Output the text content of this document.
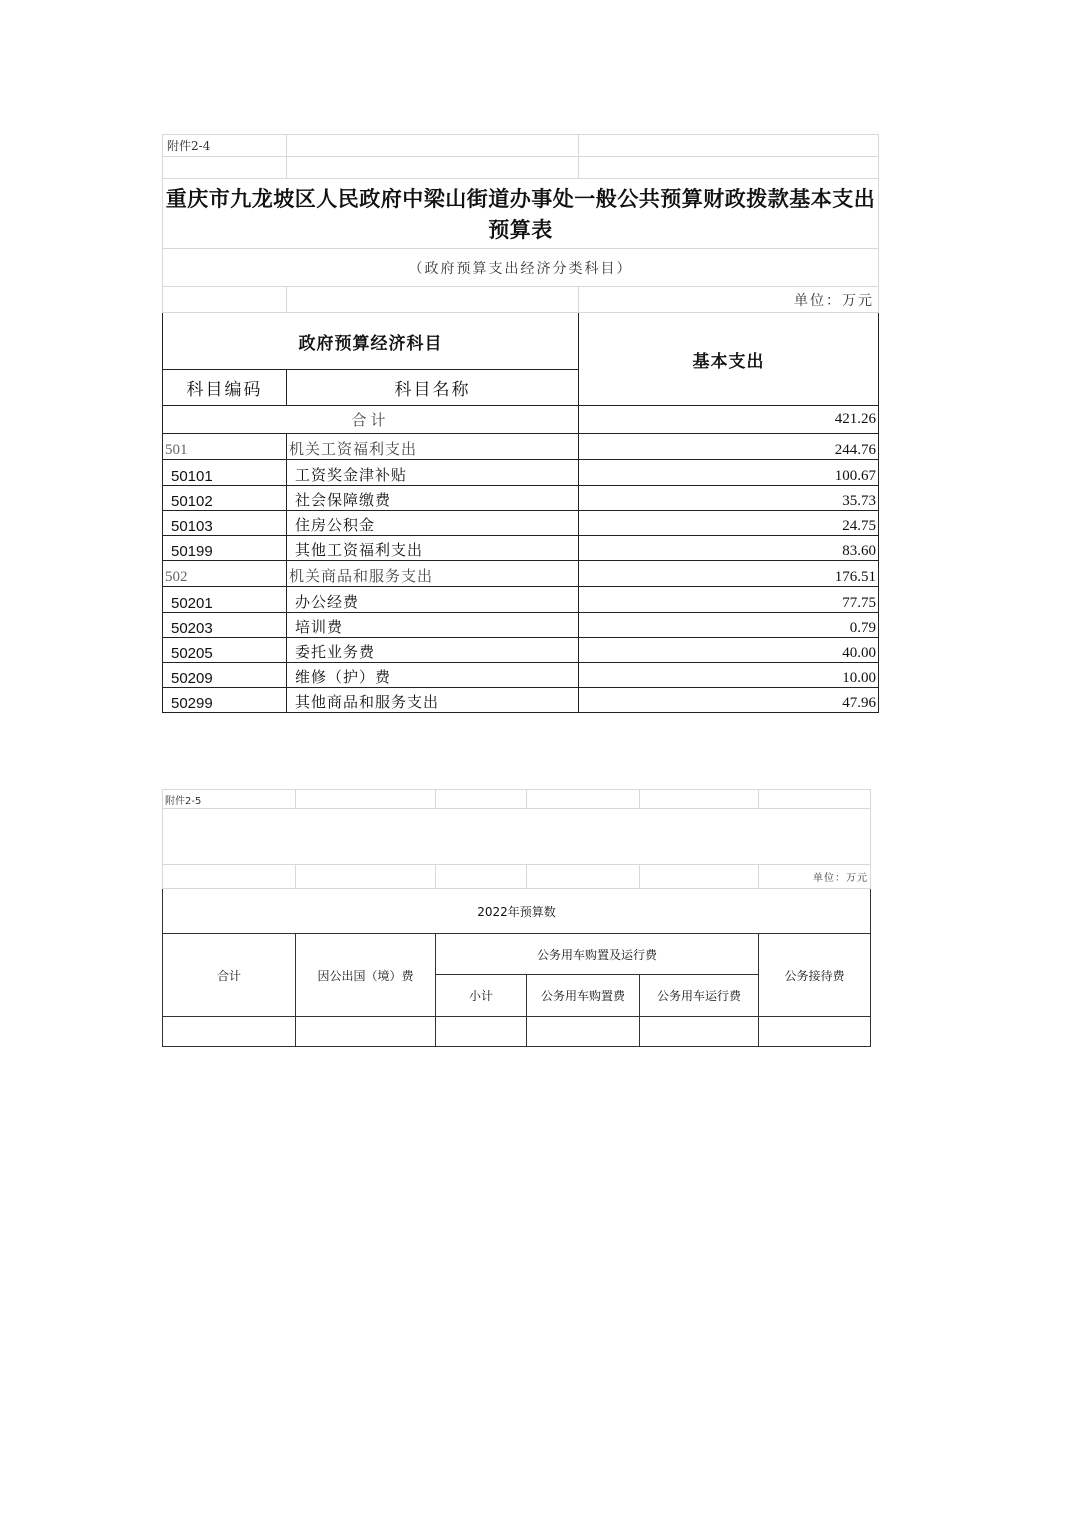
附件2-4		

重庆市九龙坡区人民政府中梁山街道办事处一般公共预算财政拨款基本支出预算表		
（政府预算支出经济分类科目）		
		单位：万元
政府预算经济科目		基本支出
科目编码	科目名称	
合计		421.26
501	机关工资福利支出	244.76
50101	工资奖金津补贴	100.67
50102	社会保障缴费	35.73
50103	住房公积金	24.75
50199	其他工资福利支出	83.60
502	机关商品和服务支出	176.51
50201	办公经费	77.75
50203	培训费	0.79
50205	委托业务费	40.00
50209	维修（护）费	10.00
50299	其他商品和服务支出	47.96
附件2-5					

					单位：万元
2022年预算数					
合计	因公出国（境）费	公务用车购置及运行费			公务接待费
		小计	公务用车购置费	公务用车运行费	
